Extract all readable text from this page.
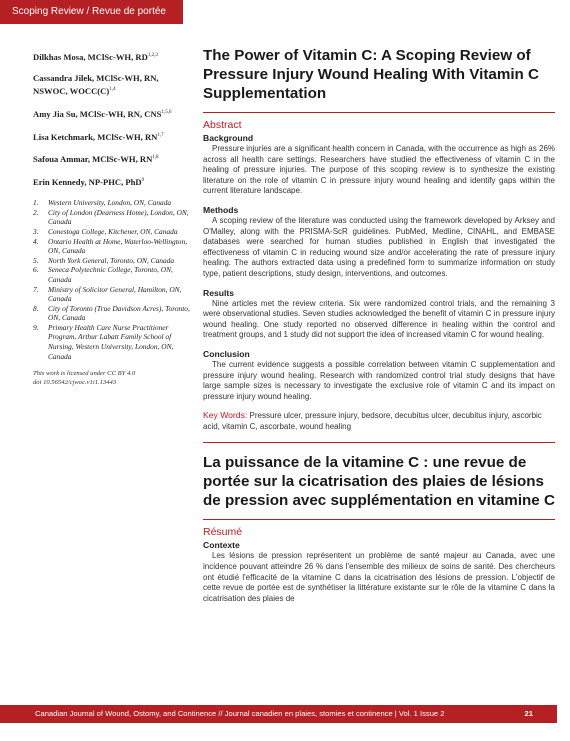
Scoping Review / Revue de portée
Dilkhas Mosa, MClSc-WH, RD$^{1,2,3}$
Cassandra Jilek, MClSc-WH, RN, NSWOC, $WOCC(C)^{1,4}$
Amy Jia Su, MClSc-WH, RN, CNS$^{1,5,6}$
Lisa Ketchmark, MClSc-WH, RN$^{1,7}$
Safoua Ammar, MClSc-WH, RN$^{1,8}$
Erin Kennedy, NP-PHC, PhD$^9$
1.	Western University, London, ON, Canada
2.	City of London (Dearness Home), London, ON, Canada
3.	Conestoga College, Kitchener, ON, Canada
4.	Ontario Health at Home, Waterloo-Wellington, ON, Canada
5.	North York General, Toronto, ON, Canada
6.	Seneca Polytechnic College, Toronto, ON, Canada
7.	Ministry of Solicitor General, Hamilton, ON, Canada
8.	City of Toronto (True Davidson Acres), Toronto, ON, Canada
9.	Primary Health Care Nurse Practitioner Program, Arthur Labatt Family School of Nursing, Western University, London, ON, Canada
This work is licensed under CC BY 4.0
doi 10.56542/cjwoc.v1i1.13443
The Power of Vitamin C: A Scoping Review of Pressure Injury Wound Healing With Vitamin C Supplementation
Abstract
Background

Pressure injuries are a significant health concern in Canada, with the occurrence as high as 26% across all health care settings. Researchers have studied the effectiveness of vitamin C in the healing of pressure injuries. The purpose of this scoping review is to synthesize the existing literature on the role of vitamin C in pressure injury wound healing and identify gaps within the current literature landscape.

Methods

A scoping review of the literature was conducted using the framework developed by Arksey and O'Malley, along with the PRISMA-ScR guidelines. PubMed, Medline, CINAHL, and EMBASE databases were searched for human studies published in English that investigated the effectiveness of vitamin C in reducing wound size and/or accelerating the rate of pressure injury healing. The authors extracted data using a predefined form to summarize information on study type, patient descriptions, study design, interventions, and outcomes.

Results

Nine articles met the review criteria. Six were randomized control trials, and the remaining 3 were observational studies. Seven studies acknowledged the benefit of vitamin C in pressure injury wound healing. One study reported no observed difference in healing within the control and treatment groups, and 1 study did not support the idea of increased vitamin C for wound healing.

Conclusion

The current evidence suggests a possible correlation between vitamin C supplementation and pressure injury wound healing. Research with randomized control trial study designs that have large sample sizes is necessary to investigate the exclusive role of vitamin C and its impact on pressure injury wound healing.

Key Words: Pressure ulcer, pressure injury, bedsore, decubitus ulcer, decubitus injury, ascorbic acid, vitamin C, ascorbate, wound healing

La puissance de la vitamine C : une revue de portée sur la cicatrisation des plaies de lésions de pression avec supplémentation en vitamine C
Résumé
Contexte

Les lésions de pression représentent un problème de santé majeur au Canada, avec une incidence pouvant atteindre 26 % dans l'ensemble des milieux de soins de santé. Des chercheurs ont étudié l'efficacité de la vitamine C dans la cicatrisation des lésions de pression. L'objectif de cette revue de portée est de synthétiser la littérature existante sur le rôle de la vitamine C dans la cicatrisation des plaies de

Canadian Journal of Wound, Ostomy, and Continence // Journal canadien en plaies, stomies et continence | Vol. 1 Issue 2	21
